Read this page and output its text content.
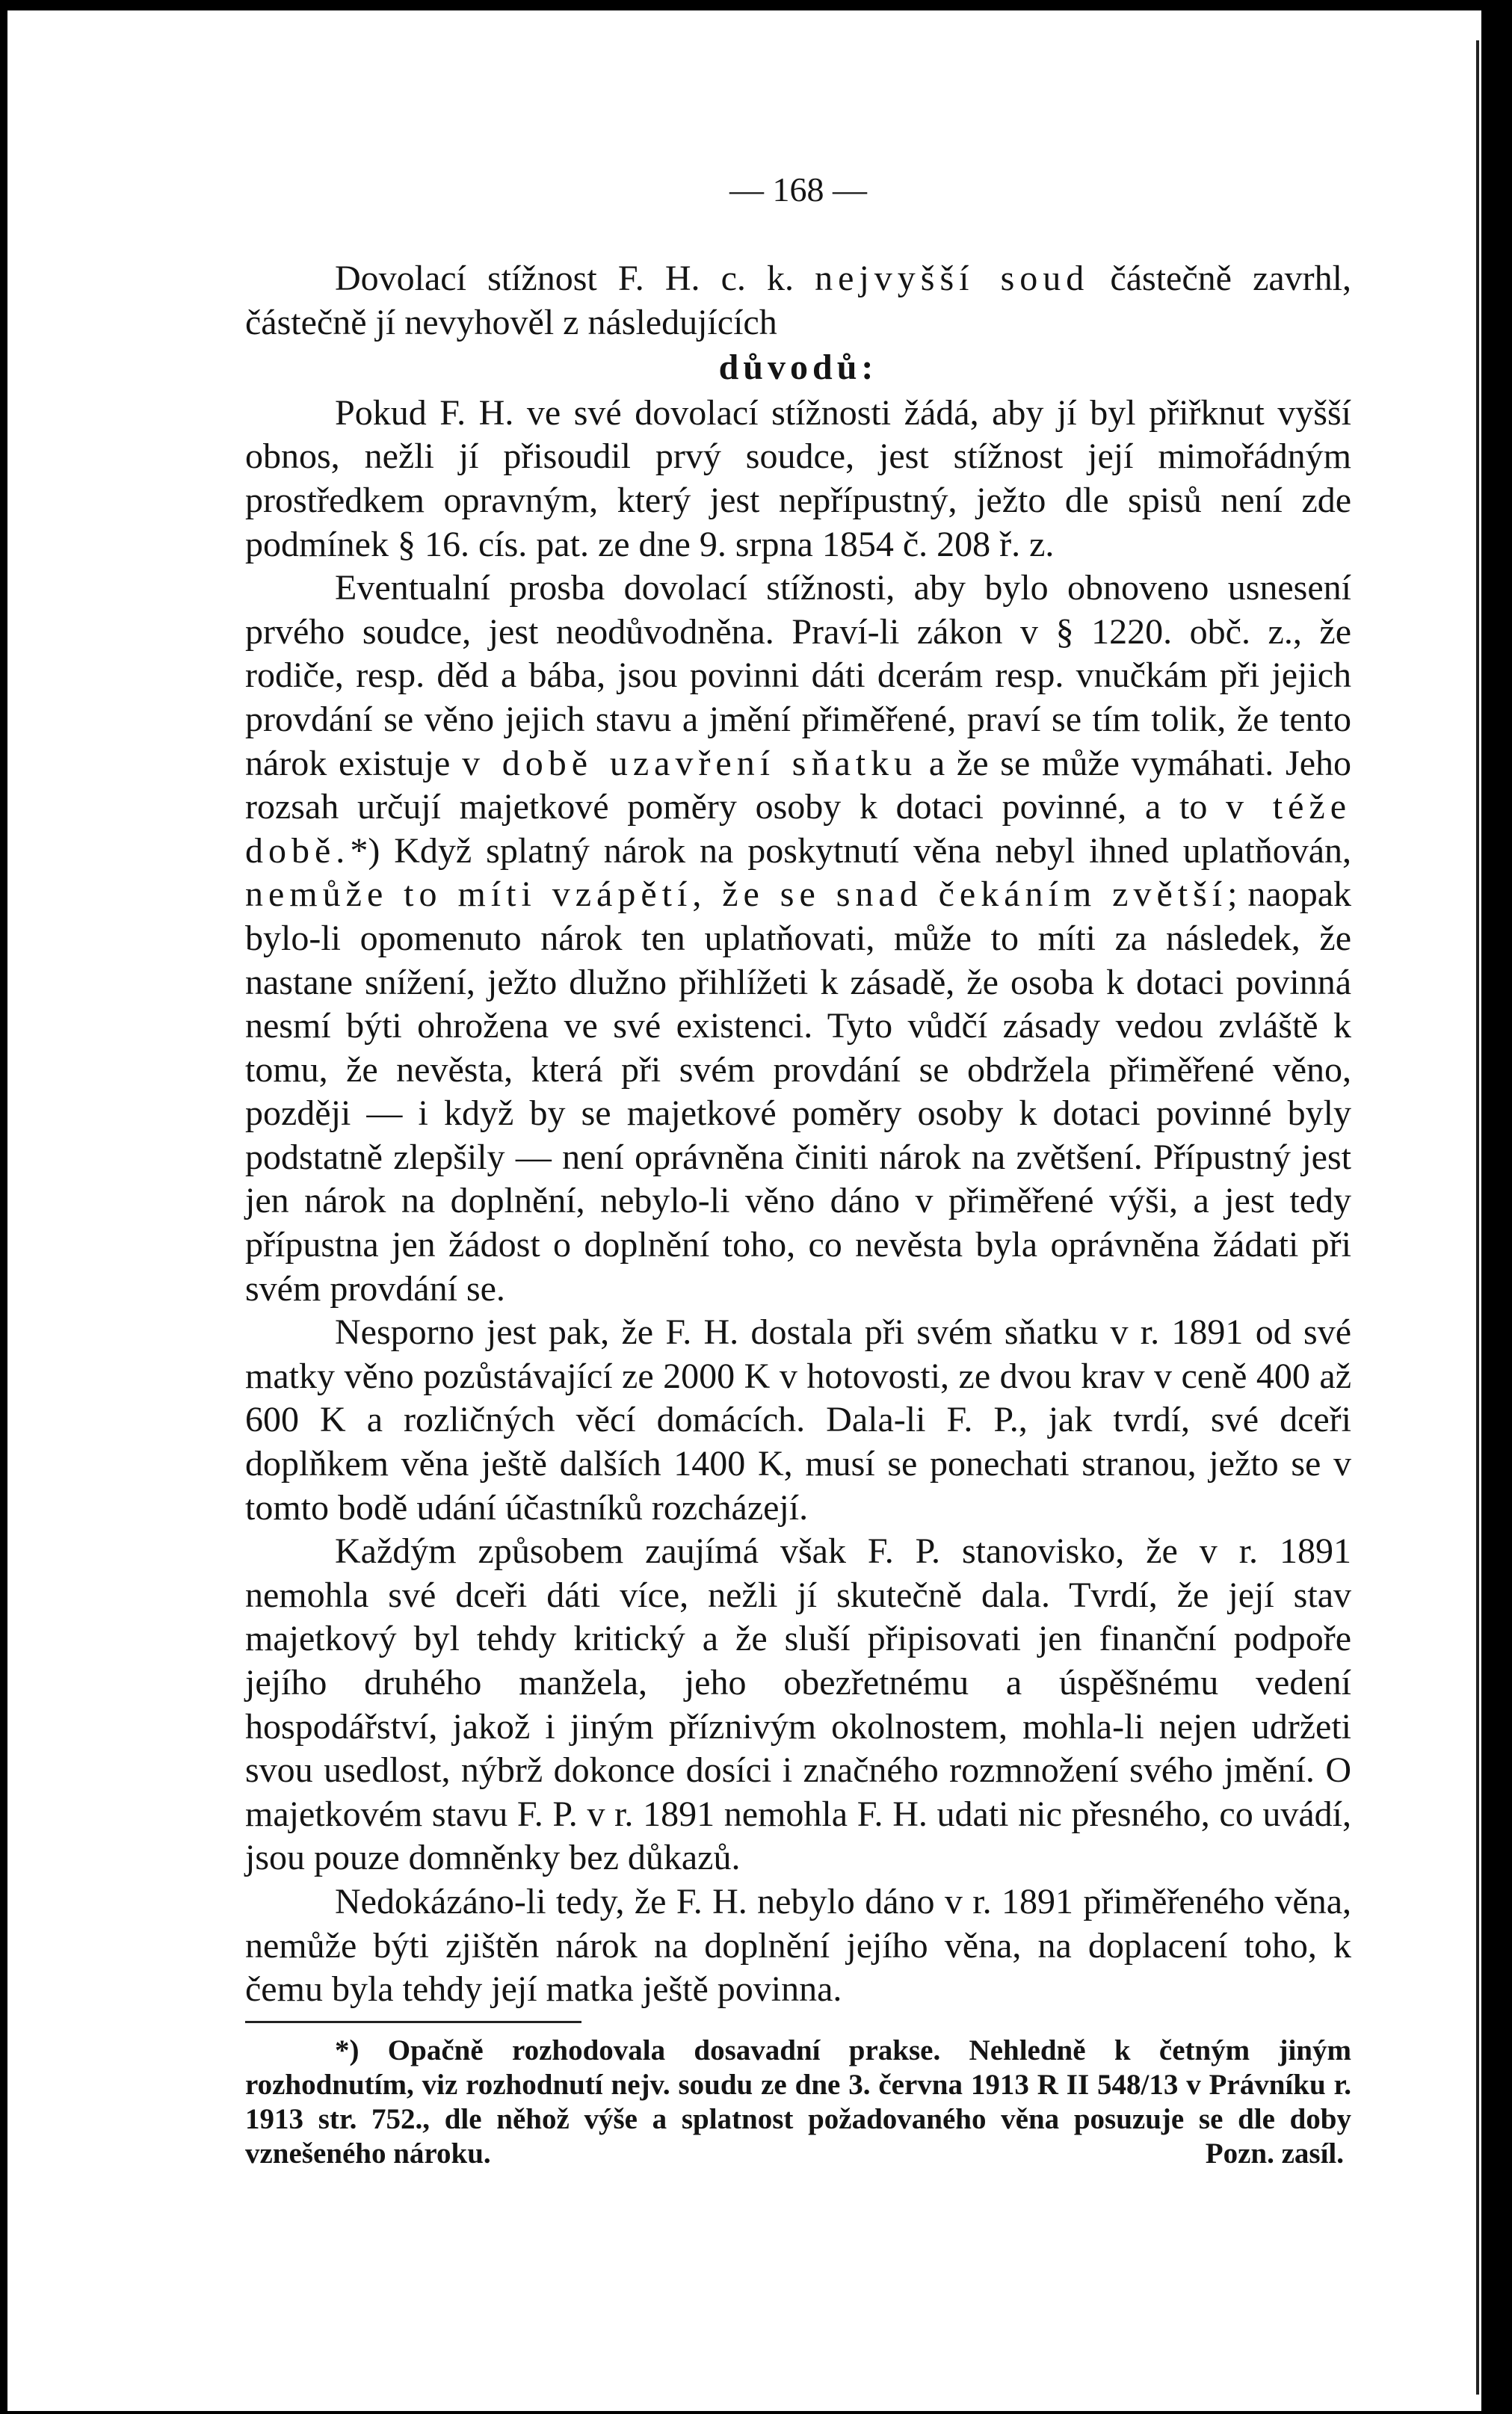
— 168 —

Dovolací stížnost F. H. c. k. nejvyšší soud částečně zavrhl, částečně jí nevyhověl z následujících

důvodů:

Pokud F. H. ve své dovolací stížnosti žádá, aby jí byl přiřknut vyšší obnos, nežli jí přisoudil prvý soudce, jest stížnost její mimořádným prostředkem opravným, který jest nepřípustný, ježto dle spisů není zde podmínek § 16. cís. pat. ze dne 9. srpna 1854 č. 208 ř. z.

Eventualní prosba dovolací stížnosti, aby bylo obnoveno usnesení prvého soudce, jest neodůvodněna. Praví-li zákon v § 1220. obč. z., že rodiče, resp. děd a bába, jsou povinni dáti dcerám resp. vnučkám při jejich provdání se věno jejich stavu a jmění přiměřené, praví se tím tolik, že tento nárok existuje v době uzavření sňatku a že se může vymáhati. Jeho rozsah určují majetkové poměry osoby k dotaci povinné, a to v téže době.*) Když splatný nárok na poskytnutí věna nebyl ihned uplatňován, nemůže to míti vzápětí, že se snad čekáním zvětší; naopak bylo-li opomenuto nárok ten uplatňovati, může to míti za následek, že nastane snížení, ježto dlužno přihlížeti k zásadě, že osoba k dotaci povinná nesmí býti ohrožena ve své existenci. Tyto vůdčí zásady vedou zvláště k tomu, že nevěsta, která při svém provdání se obdržela přiměřené věno, později — i když by se majetkové poměry osoby k dotaci povinné byly podstatně zlepšily — není oprávněna činiti nárok na zvětšení. Přípustný jest jen nárok na doplnění, nebylo-li věno dáno v přiměřené výši, a jest tedy přípustna jen žádost o doplnění toho, co nevěsta byla oprávněna žádati při svém provdání se.

Nesporno jest pak, že F. H. dostala při svém sňatku v r. 1891 od své matky věno pozůstávající ze 2000 K v hotovosti, ze dvou krav v ceně 400 až 600 K a rozličných věcí domácích. Dala-li F. P., jak tvrdí, své dceři doplňkem věna ještě dalších 1400 K, musí se ponechati stranou, ježto se v tomto bodě udání účastníků rozcházejí.

Každým způsobem zaujímá však F. P. stanovisko, že v r. 1891 nemohla své dceři dáti více, nežli jí skutečně dala. Tvrdí, že její stav majetkový byl tehdy kritický a že sluší připisovati jen finanční podpoře jejího druhého manžela, jeho obezřetnému a úspěšnému vedení hospodářství, jakož i jiným příznivým okolnostem, mohla-li nejen udržeti svou usedlost, nýbrž dokonce dosíci i značného rozmnožení svého jmění. O majetkovém stavu F. P. v r. 1891 nemohla F. H. udati nic přesného, co uvádí, jsou pouze domněnky bez důkazů.

Nedokázáno-li tedy, že F. H. nebylo dáno v r. 1891 přiměřeného věna, nemůže býti zjištěn nárok na doplnění jejího věna, na doplacení toho, k čemu byla tehdy její matka ještě povinna.

*) Opačně rozhodovala dosavadní prakse. Nehledně k četným jiným rozhodnutím, viz rozhodnutí nejv. soudu ze dne 3. června 1913 R II 548/13 v Právníku r. 1913 str. 752., dle něhož výše a splatnost požadovaného věna posuzuje se dle doby vznešeného nároku.	Pozn. zasíl.
